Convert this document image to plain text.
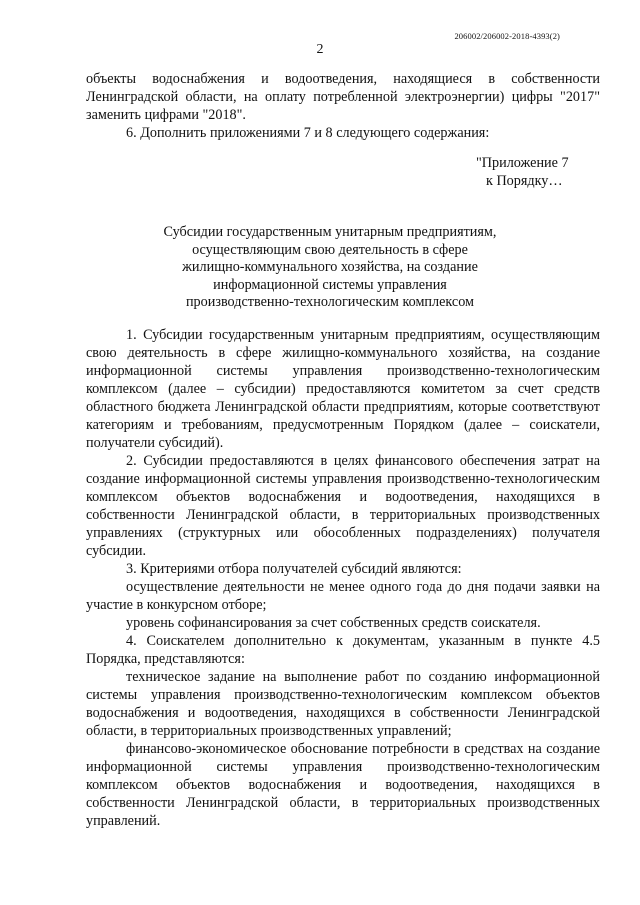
206002/206002-2018-4393(2)
2

объекты водоснабжения и водоотведения, находящиеся в собственности Ленинградской области, на оплату потребленной электроэнергии) цифры "2017" заменить цифрами "2018".

6. Дополнить приложениями 7 и 8 следующего содержания:

"Приложение 7
к Порядку…
Субсидии государственным унитарным предприятиям,
осуществляющим свою деятельность в сфере
жилищно-коммунального хозяйства, на создание
информационной системы управления
производственно-технологическим комплексом

1. Субсидии государственным унитарным предприятиям, осуществляющим свою деятельность в сфере жилищно-коммунального хозяйства, на создание информационной системы управления производственно-технологическим комплексом (далее – субсидии) предоставляются комитетом за счет средств областного бюджета Ленинградской области предприятиям, которые соответствуют категориям и требованиям, предусмотренным Порядком (далее – соискатели, получатели субсидий).

2. Субсидии предоставляются в целях финансового обеспечения затрат на создание информационной системы управления производственно-технологическим комплексом объектов водоснабжения и водоотведения, находящихся в собственности Ленинградской области, в территориальных производственных управлениях (структурных или обособленных подразделениях) получателя субсидии.

3. Критериями отбора получателей субсидий являются:

осуществление деятельности не менее одного года до дня подачи заявки на участие в конкурсном отборе;

уровень софинансирования за счет собственных средств соискателя.

4. Соискателем дополнительно к документам, указанным в пункте 4.5 Порядка, представляются:

техническое задание на выполнение работ по созданию информационной системы управления производственно-технологическим комплексом объектов водоснабжения и водоотведения, находящихся в собственности Ленинградской области, в территориальных производственных управлений;

финансово-экономическое обоснование потребности в средствах на создание информационной системы управления производственно-технологическим комплексом объектов водоснабжения и водоотведения, находящихся в собственности Ленинградской области, в территориальных производственных управлений.
